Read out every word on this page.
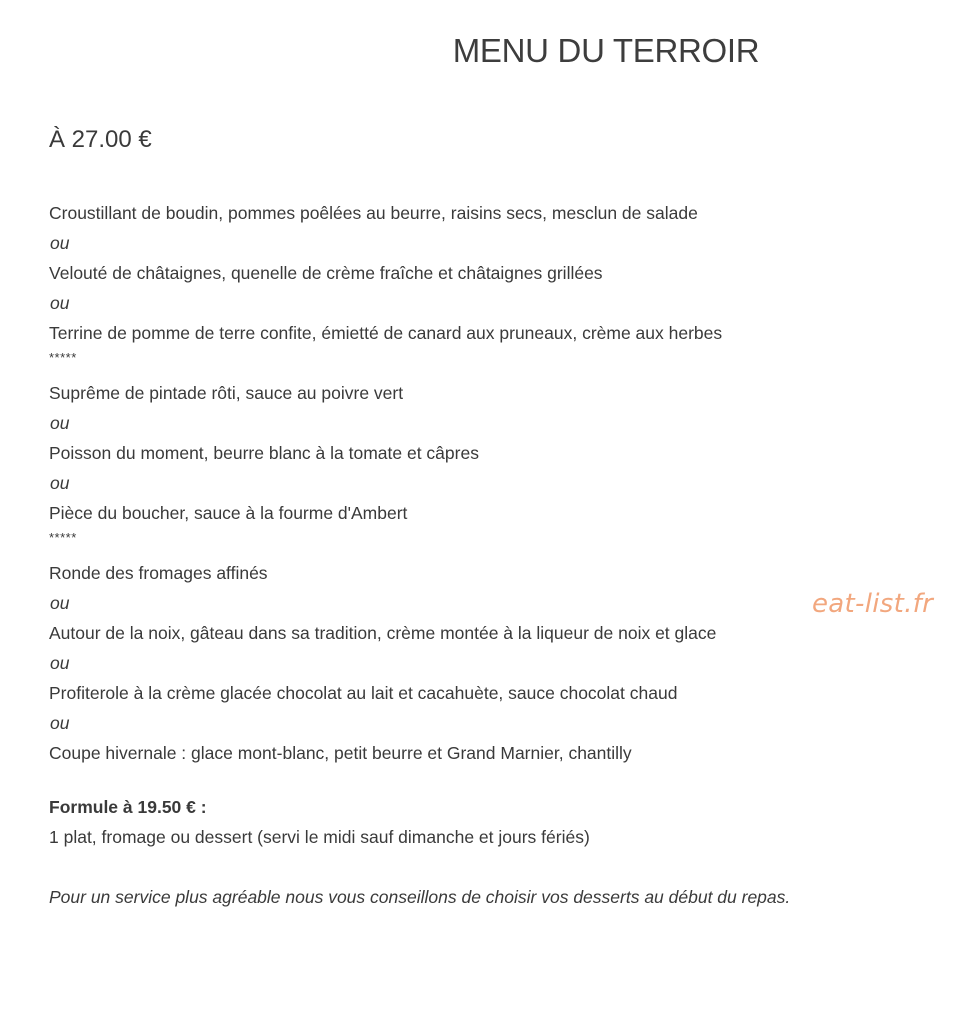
MENU DU TERROIR
À 27.00 €
Croustillant de boudin, pommes poêlées au beurre, raisins secs, mesclun de salade
ou
Velouté de châtaignes, quenelle de crème fraîche et châtaignes grillées
ou
Terrine de pomme de terre confite, émietté de canard aux pruneaux, crème aux herbes
*****
Suprême de pintade rôti, sauce au poivre vert
ou
Poisson du moment, beurre blanc à la tomate et câpres
ou
Pièce du boucher, sauce à la fourme d'Ambert
*****
Ronde des fromages affinés
ou
Autour de la noix, gâteau dans sa tradition, crème montée à la liqueur de noix et glace
ou
Profiterole à la crème glacée chocolat au lait et cacahuète, sauce chocolat chaud
ou
Coupe hivernale : glace mont-blanc, petit beurre et Grand Marnier, chantilly

Formule à 19.50 € :

1 plat, fromage ou dessert (servi le midi sauf dimanche et jours fériés)

Pour un service plus agréable nous vous conseillons de choisir vos desserts au début du repas.

eat-list.fr
